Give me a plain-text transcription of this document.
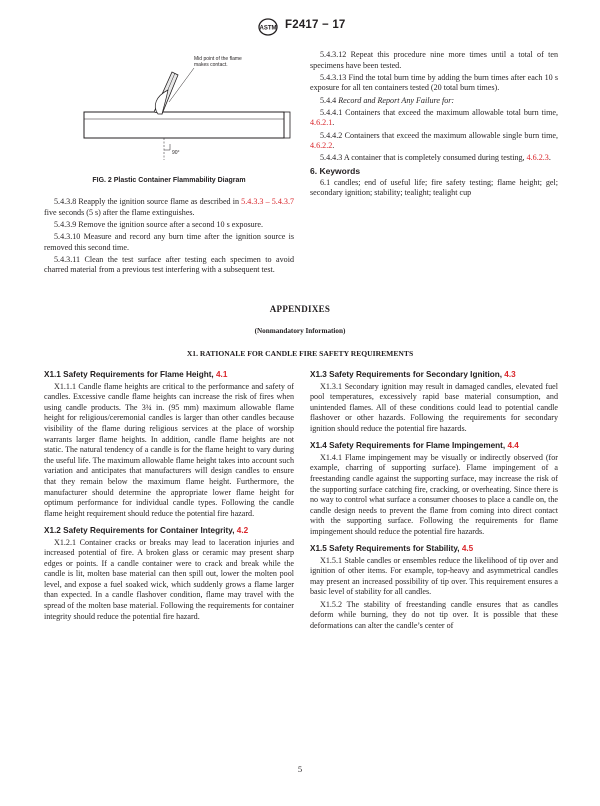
ASTM F2417 − 17
Mid point of the flame
makes contact.
90°
FIG. 2 Plastic Container Flammability Diagram

5.4.3.8 Reapply the ignition source flame as described in 5.4.3.3 – 5.4.3.7 five seconds (5 s) after the flame extinguishes.

5.4.3.9 Remove the ignition source after a second 10 s exposure.

5.4.3.10 Measure and record any burn time after the ignition source is removed this second time.

5.4.3.11 Clean the test surface after testing each specimen to avoid charred material from a previous test interfering with a subsequent test.

5.4.3.12 Repeat this procedure nine more times until a total of ten specimens have been tested.

5.4.3.13 Find the total burn time by adding the burn times after each 10 s exposure for all ten containers tested (20 total burn times).

5.4.4 Record and Report Any Failure for:

5.4.4.1 Containers that exceed the maximum allowable total burn time, 4.6.2.1.

5.4.4.2 Containers that exceed the maximum allowable single burn time, 4.6.2.2.

5.4.4.3 A container that is completely consumed during testing, 4.6.2.3.

6. Keywords

6.1 candles; end of useful life; fire safety testing; flame height; gel; secondary ignition; stability; tealight; tealight cup

APPENDIXES
(Nonmandatory Information)
X1. RATIONALE FOR CANDLE FIRE SAFETY REQUIREMENTS

X1.1 Safety Requirements for Flame Height, 4.1

X1.1.1 Candle flame heights are critical to the performance and safety of candles. Excessive candle flame heights can increase the risk of fires when using candle products. The 3¾ in. (95 mm) maximum allowable flame height for religious/ceremonial candles is larger than other candles because visibility of the flame during religious services at the place of worship warrants larger flame heights. In addition, candle flame heights are not static. The natural tendency of a candle is for the flame height to vary during the useful life. The maximum allowable flame height takes into account such variation and anticipates that manufacturers will design candles to ensure that they remain below the maximum flame height. Furthermore, the manufacturer should determine the appropriate lower flame height for optimum performance for individual candle types. Following the candle flame height requirement should reduce the potential fire hazard.

X1.2 Safety Requirements for Container Integrity, 4.2

X1.2.1 Container cracks or breaks may lead to laceration injuries and increased potential of fire. A broken glass or ceramic may present sharp edges or points. If a candle container were to crack and break while the candle is lit, molten base material can then spill out, lower the molten pool level, and expose a fuel soaked wick, which suddenly grows a flame larger than expected. In a candle flashover condition, flame may travel with the spread of the molten base material. Following the requirements for container integrity should reduce the potential fire hazard.

X1.3 Safety Requirements for Secondary Ignition, 4.3

X1.3.1 Secondary ignition may result in damaged candles, elevated fuel pool temperatures, excessively rapid base material consumption, and unintended flames. All of these conditions could lead to potential candle flashover or other hazards. Following the requirements for secondary ignition should reduce the potential fire hazards.

X1.4 Safety Requirements for Flame Impingement, 4.4

X1.4.1 Flame impingement may be visually or indirectly observed (for example, charring of supporting surface). Flame impingement of a freestanding candle against the supporting surface, may increase the risk of the supporting surface catching fire, cracking, or overheating. Since there is no way to control what surface a consumer chooses to place a candle on, the candle design needs to prevent the flame from coming into direct contact with the supporting surface. Following the requirements for flame impingement should reduce the potential fire hazards.

X1.5 Safety Requirements for Stability, 4.5

X1.5.1 Stable candles or ensembles reduce the likelihood of tip over and ignition of other items. For example, top-heavy and asymmetrical candles may present an increased possibility of tip over. This requirement ensures a basic level of stability for all candles.

X1.5.2 The stability of freestanding candle ensures that as candles deform while burning, they do not tip over. It is possible that these deformations can alter the candle’s center of

5
